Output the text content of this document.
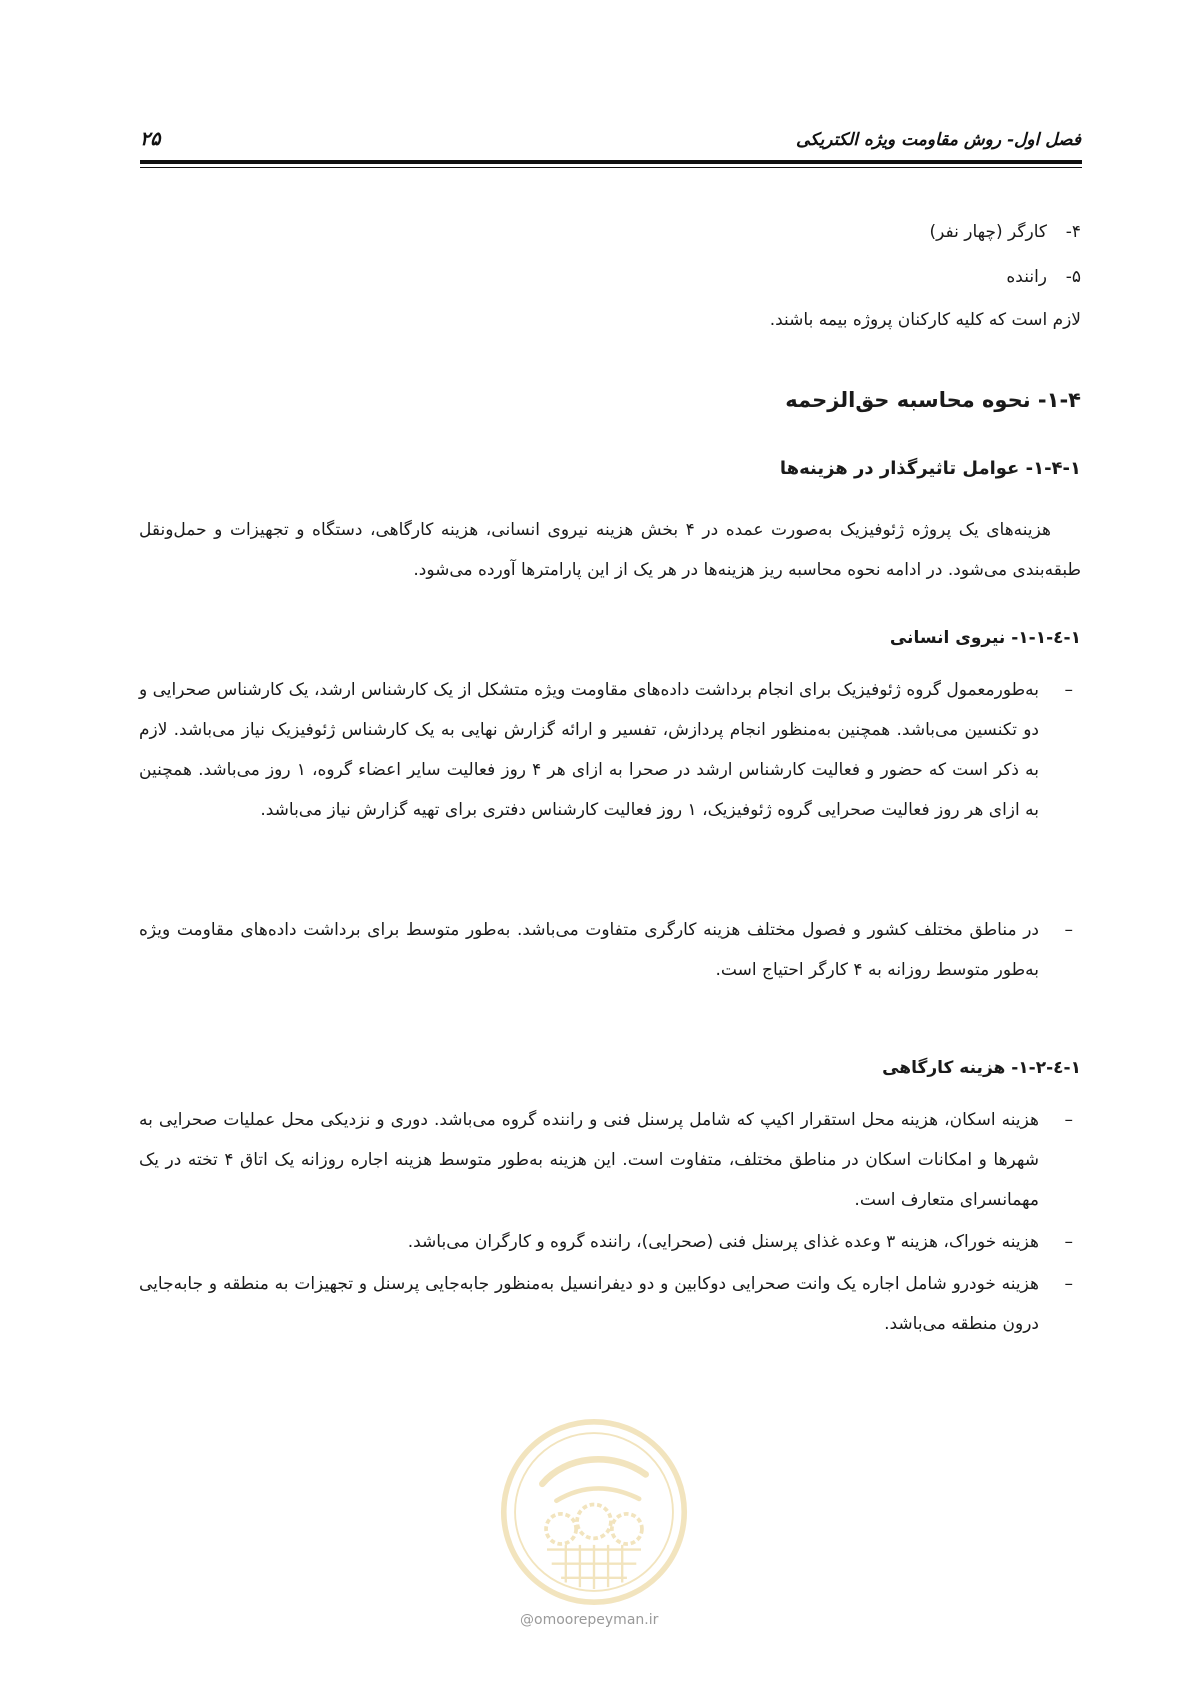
فصل اول- روش مقاومت ویژه الکتریکی
۲۵
۴-کارگر (چهار نفر)
۵-راننده
لازم است که کلیه کارکنان پروژه بیمه باشند.
۱-۴- نحوه محاسبه حق‌الزحمه
۱-۴-۱- عوامل تاثیرگذار در هزینه‌ها
هزینه‌های یک پروژه ژئوفیزیک به‌صورت عمده در ۴ بخش هزینه نیروی انسانی، هزینه کارگاهی، دستگاه و تجهیزات و حمل‌ونقل طبقه‌بندی می‌شود. در ادامه نحوه محاسبه ریز هزینه‌ها در هر یک از این پارامترها آورده می‌شود.
۱-٤-۱-۱- نیروی انسانی
–
به‌طورمعمول گروه ژئوفیزیک برای انجام برداشت داده‌های مقاومت ویژه متشکل از یک کارشناس ارشد، یک کارشناس صحرایی و دو تکنسین می‌باشد. همچنین به‌منظور انجام پردازش، تفسیر و ارائه گزارش نهایی به یک کارشناس ژئوفیزیک نیاز می‌باشد. لازم به ذکر است که حضور و فعالیت کارشناس ارشد در صحرا به ازای هر ۴ روز فعالیت سایر اعضاء گروه، ۱ روز می‌باشد. همچنین به ازای هر روز فعالیت صحرایی گروه ژئوفیزیک، ۱ روز فعالیت کارشناس دفتری برای تهیه گزارش نیاز می‌باشد.
–
در مناطق مختلف کشور و فصول مختلف هزینه کارگری متفاوت می‌باشد. به‌طور متوسط برای برداشت داده‌های مقاومت ویژه به‌طور متوسط روزانه به ۴ کارگر احتیاج است.
۱-٤-۱-۲- هزینه کارگاهی
–
هزینه اسکان، هزینه محل استقرار اکیپ که شامل پرسنل فنی و راننده گروه می‌باشد. دوری و نزدیکی محل عملیات صحرایی به شهرها و امکانات اسکان در مناطق مختلف، متفاوت است. این هزینه به‌طور متوسط هزینه اجاره روزانه یک اتاق ۴ تخته در یک مهمانسرای متعارف است.
–
هزینه خوراک، هزینه ۳ وعده غذای پرسنل فنی (صحرایی)، راننده گروه و کارگران می‌باشد.
–
هزینه خودرو شامل اجاره یک وانت صحرایی دوکابین و دو دیفرانسیل به‌منظور جابه‌جایی پرسنل و تجهیزات به منطقه و جابه‌جایی درون منطقه می‌باشد.
@omoorepeyman.ir
